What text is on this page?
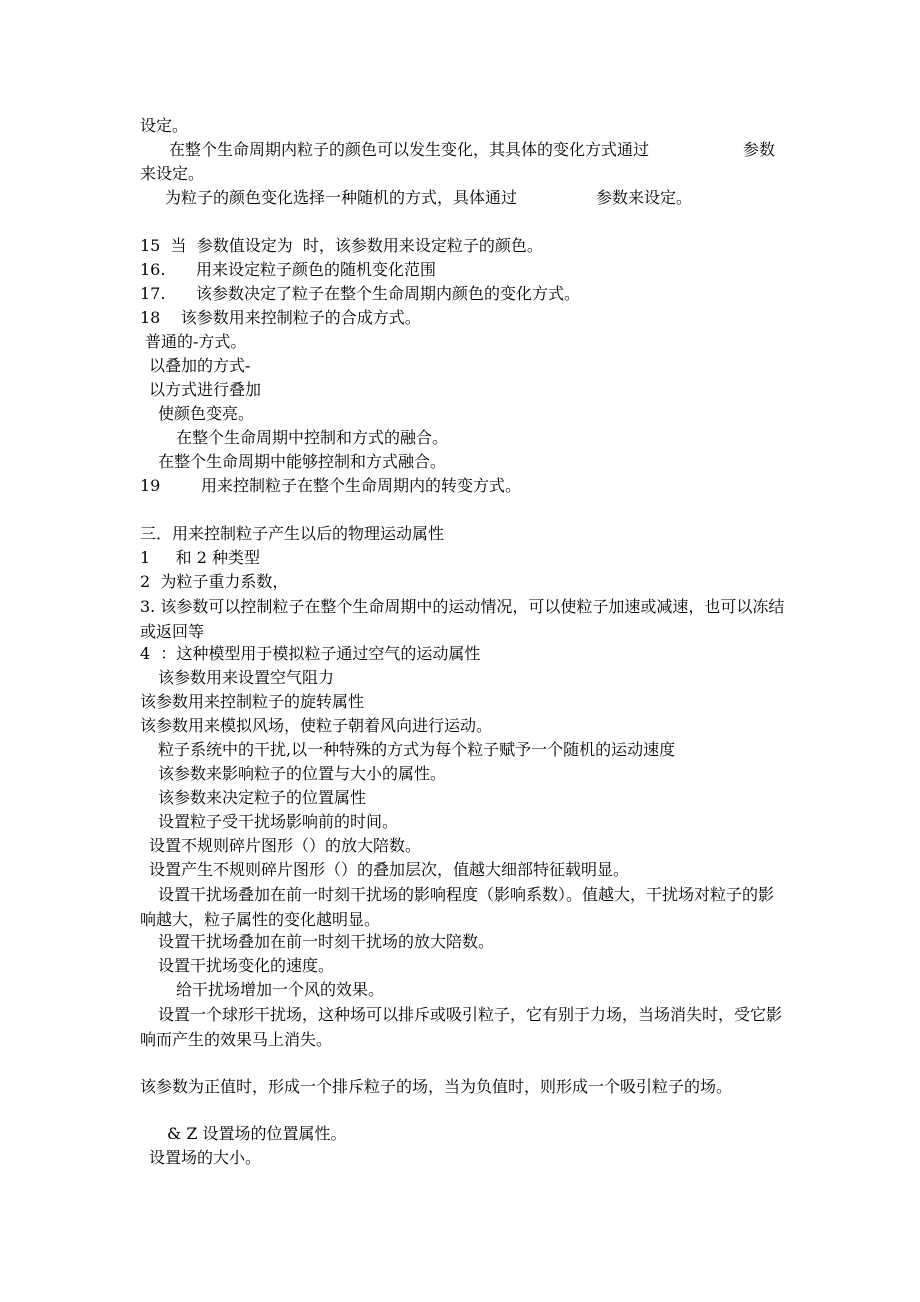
设定。
在整个生命周期内粒子的颜色可以发生变化，其具体的变化方式通过	参数
来设定。
为粒子的颜色变化选择一种随机的方式，具体通过	参数来设定。
15  当  参数值设定为  时，该参数用来设定粒子的颜色。
16.      用来设定粒子颜色的随机变化范围
17.      该参数决定了粒子在整个生命周期内颜色的变化方式。
18    该参数用来控制粒子的合成方式。
普通的-方式。
以叠加的方式-
以方式进行叠加
使颜色变亮。
在整个生命周期中控制和方式的融合。
在整个生命周期中能够控制和方式融合。
19        用来控制粒子在整个生命周期内的转变方式。
三．用来控制粒子产生以后的物理运动属性
1     和 2 种类型
2  为粒子重力系数，
3. 该参数可以控制粒子在整个生命周期中的运动情况，可以使粒子加速或减速，也可以冻结或返回等
4  ：这种模型用于模拟粒子通过空气的运动属性
该参数用来设置空气阻力
该参数用来控制粒子的旋转属性
该参数用来模拟风场，使粒子朝着风向进行运动。
粒子系统中的干扰,以一种特殊的方式为每个粒子赋予一个随机的运动速度
该参数来影响粒子的位置与大小的属性。
该参数来决定粒子的位置属性
设置粒子受干扰场影响前的时间。
设置不规则碎片图形（）的放大陪数。
设置产生不规则碎片图形（）的叠加层次，值越大细部特征载明显。
设置干扰场叠加在前一时刻干扰场的影响程度（影响系数）。值越大，干扰场对粒子的影响越大，粒子属性的变化越明显。
设置干扰场叠加在前一时刻干扰场的放大陪数。
设置干扰场变化的速度。
给干扰场增加一个风的效果。
设置一个球形干扰场，这种场可以排斥或吸引粒子，它有别于力场，当场消失时，受它影响而产生的效果马上消失。
该参数为正值时，形成一个排斥粒子的场，当为负值时，则形成一个吸引粒子的场。
& Z 设置场的位置属性。
设置场的大小。
